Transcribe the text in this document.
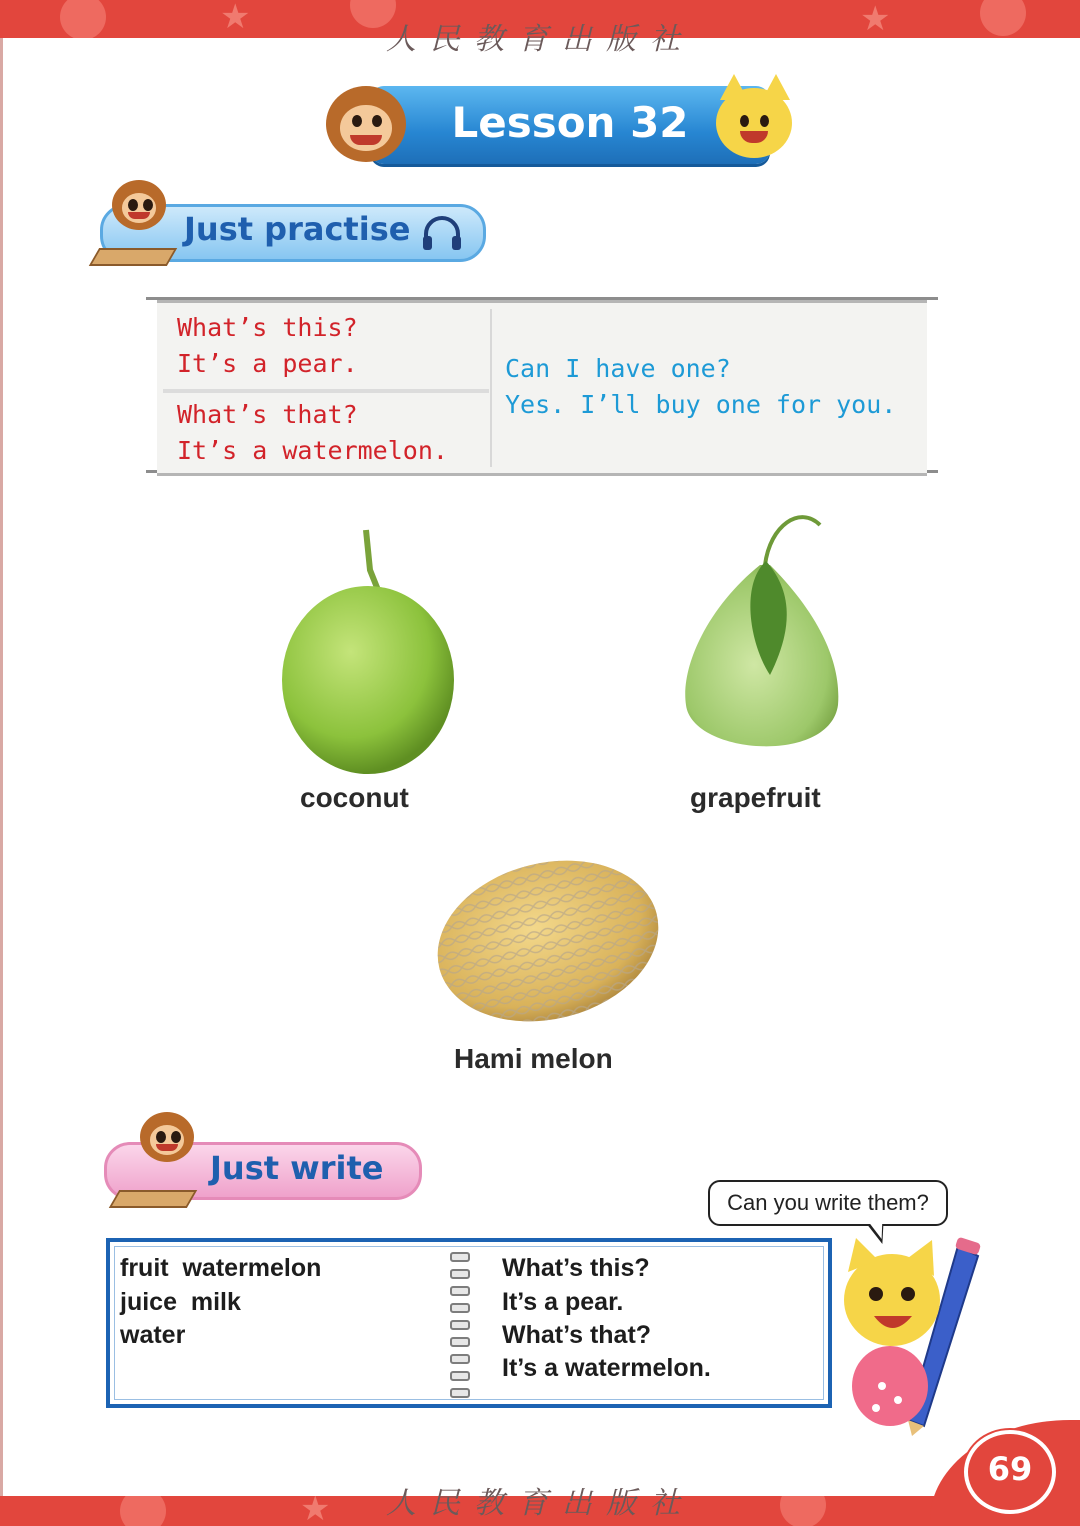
★	★
人民教育出版社
Lesson 32
Just practise
What’s this?
It’s a pear.
What’s that?
It’s a watermelon.
Can I have one?
Yes. I’ll buy one for you.
coconut	grapefruit
Hami melon
Just write
Can you write them?
fruit  watermelon
juice  milk
water
What’s this?
It’s a pear.
What’s that?
It’s a watermelon.
★	人民教育出版社
69
